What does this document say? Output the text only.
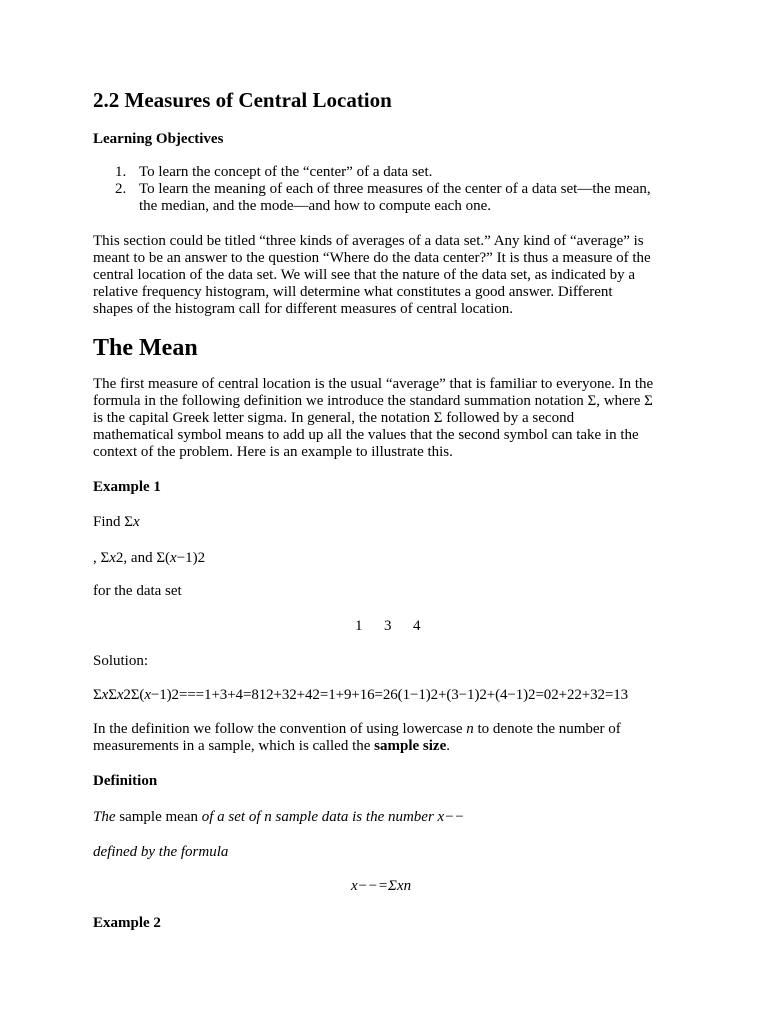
2.2 Measures of Central Location
Learning Objectives
1. To learn the concept of the “center” of a data set.
2. To learn the meaning of each of three measures of the center of a data set—the mean,
the median, and the mode—and how to compute each one.
This section could be titled “three kinds of averages of a data set.” Any kind of “average” is
meant to be an answer to the question “Where do the data center?” It is thus a measure of the
central location of the data set. We will see that the nature of the data set, as indicated by a
relative frequency histogram, will determine what constitutes a good answer. Different
shapes of the histogram call for different measures of central location.
The Mean
The first measure of central location is the usual “average” that is familiar to everyone. In the
formula in the following definition we introduce the standard summation notation Σ, where Σ
is the capital Greek letter sigma. In general, the notation Σ followed by a second
mathematical symbol means to add up all the values that the second symbol can take in the
context of the problem. Here is an example to illustrate this.
Example 1
Find Σx
, Σx2, and Σ(x−1)2
for the data set
1 3 4
Solution:
ΣxΣx2Σ(x−1)2===1+3+4=812+32+42=1+9+16=26(1−1)2+(3−1)2+(4−1)2=02+22+32=13
In the definition we follow the convention of using lowercase n to denote the number of
measurements in a sample, which is called the sample size.
Definition
The sample mean of a set of n sample data is the number x−−
defined by the formula
x−−=Σxn
Example 2
